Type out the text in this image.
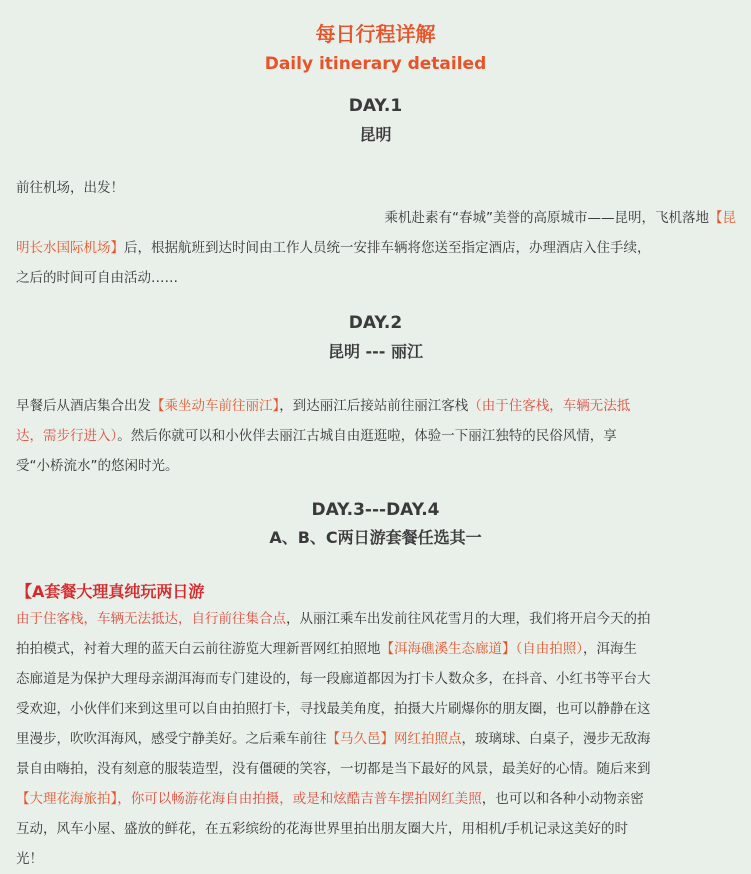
每日行程详解
Daily itinerary detailed
DAY.1
昆明
前往机场，出发！
乘机赴素有“春城”美誉的高原城市——昆明，飞机落地【昆
明长水国际机场】后，根据航班到达时间由工作人员统一安排车辆将您送至指定酒店，办理酒店入住手续，
之后的时间可自由活动……
DAY.2
昆明 --- 丽江
早餐后从酒店集合出发【乘坐动车前往丽江】，到达丽江后接站前往丽江客栈（由于住客栈，车辆无法抵
达，需步行进入）。然后你就可以和小伙伴去丽江古城自由逛逛啦，体验一下丽江独特的民俗风情，享
受“小桥流水”的悠闲时光。
DAY.3---DAY.4
A、B、C两日游套餐任选其一
【A套餐大理真纯玩两日游
由于住客栈，车辆无法抵达，自行前往集合点，从丽江乘车出发前往风花雪月的大理，我们将开启今天的拍
拍拍模式，衬着大理的蓝天白云前往游览大理新晋网红拍照地【洱海礁溪生态廊道】（自由拍照），洱海生
态廊道是为保护大理母亲湖洱海而专门建设的，每一段廊道都因为打卡人数众多，在抖音、小红书等平台大
受欢迎，小伙伴们来到这里可以自由拍照打卡，寻找最美角度，拍摄大片刷爆你的朋友圈，也可以静静在这
里漫步，吹吹洱海风，感受宁静美好。之后乘车前往【马久邑】网红拍照点，玻璃球、白桌子，漫步无敌海
景自由嗨拍，没有刻意的服装造型，没有僵硬的笑容，一切都是当下最好的风景，最美好的心情。随后来到
【大理花海旅拍】，你可以畅游花海自由拍摄，或是和炫酷吉普车摆拍网红美照，也可以和各种小动物亲密
互动，风车小屋、盛放的鲜花，在五彩缤纷的花海世界里拍出朋友圈大片，用相机/手机记录这美好的时
光！
